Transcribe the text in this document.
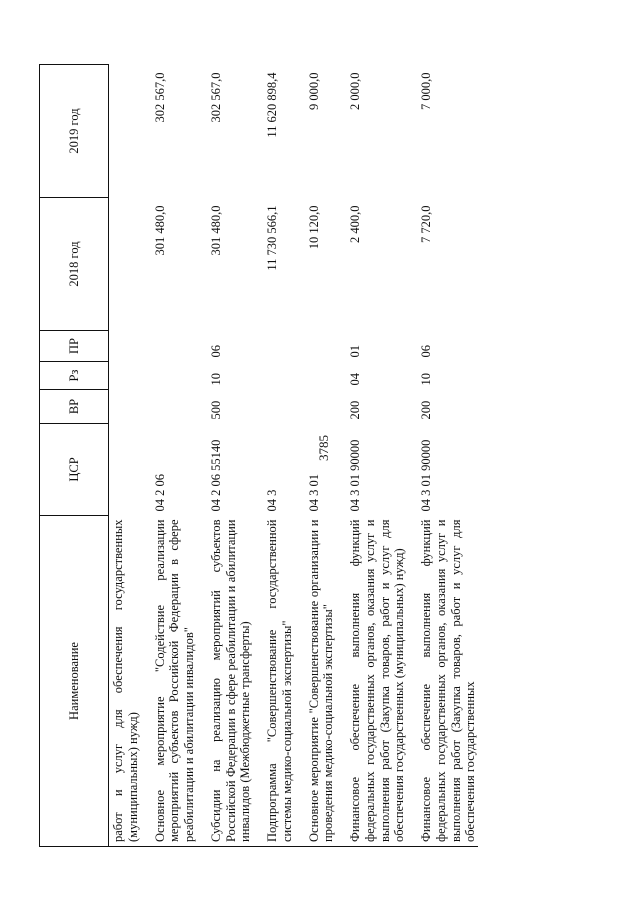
3785
Наименование	ЦСР	ВР	Рз	ПР	2018 год	2019 год
работ и услуг для обеспечения государственных (муниципальных) нужд)						
Основное мероприятие "Содействие реализации мероприятий субъектов Российской Федерации в сфере реабилитации и абилитации инвалидов"	04 2 06				301 480,0	302 567,0
Субсидии на реализацию мероприятий субъектов Российской Федерации в сфере реабилитации и абилитации инвалидов (Межбюджетные трансферты)	04 2 06 55140	500	10	06	301 480,0	302 567,0
Подпрограмма "Совершенствование государственной системы медико-социальной экспертизы"	04 3				11 730 566,1	11 620 898,4
Основное мероприятие "Совершенствование организации и проведения медико-социальной экспертизы"	04 3 01				10 120,0	9 000,0
Финансовое обеспечение выполнения функций федеральных государственных органов, оказания услуг и выполнения работ (Закупка товаров, работ и услуг для обеспечения государственных (муниципальных) нужд)	04 3 01 90000	200	04	01	2 400,0	2 000,0
Финансовое обеспечение выполнения функций федеральных государственных органов, оказания услуг и выполнения работ (Закупка товаров, работ и услуг для обеспечения государственных	04 3 01 90000	200	10	06	7 720,0	7 000,0
